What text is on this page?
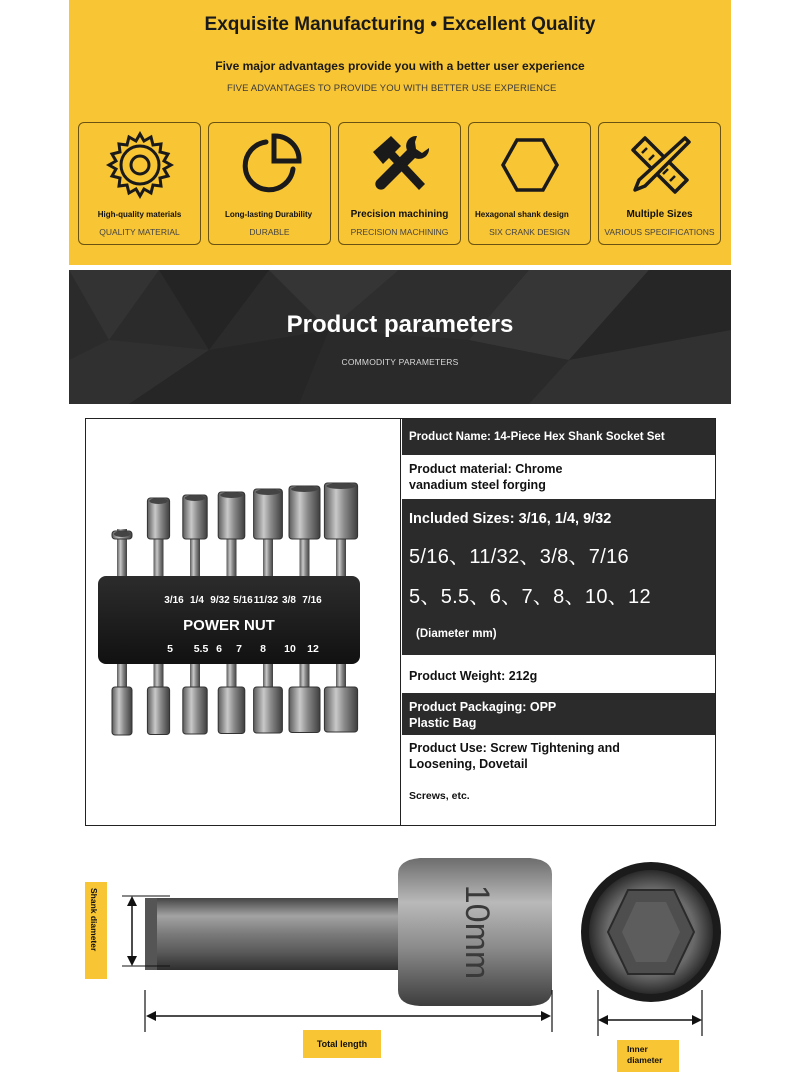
Exquisite Manufacturing • Excellent Quality
Five major advantages provide you with a better user experience
FIVE ADVANTAGES TO PROVIDE YOU WITH BETTER USE EXPERIENCE
High-quality materials
QUALITY MATERIAL
Long-lasting Durability
DURABLE
Precision machining
PRECISION MACHINING
Hexagonal shank design
SIX CRANK DESIGN
Multiple Sizes
VARIOUS SPECIFICATIONS
Product parameters
COMMODITY PARAMETERS
3/16 1/4 9/32 5/16 11/32 3/8 7/16
POWER NUT
5 5.5 6 7 8 10 12
Product Name: 14-Piece Hex Shank Socket Set
Product material: Chrome
vanadium steel forging
Included Sizes: 3/16, 1/4, 9/32
5/16、11/32、3/8、7/16
5、5.5、6、7、8、10、12
(Diameter mm)
Product Weight: 212g
Product Packaging: OPP
Plastic Bag
Product Use: Screw Tightening and
Loosening, Dovetail
Screws, etc.
10mm
Shank diameter
Total length	Inner diameter
